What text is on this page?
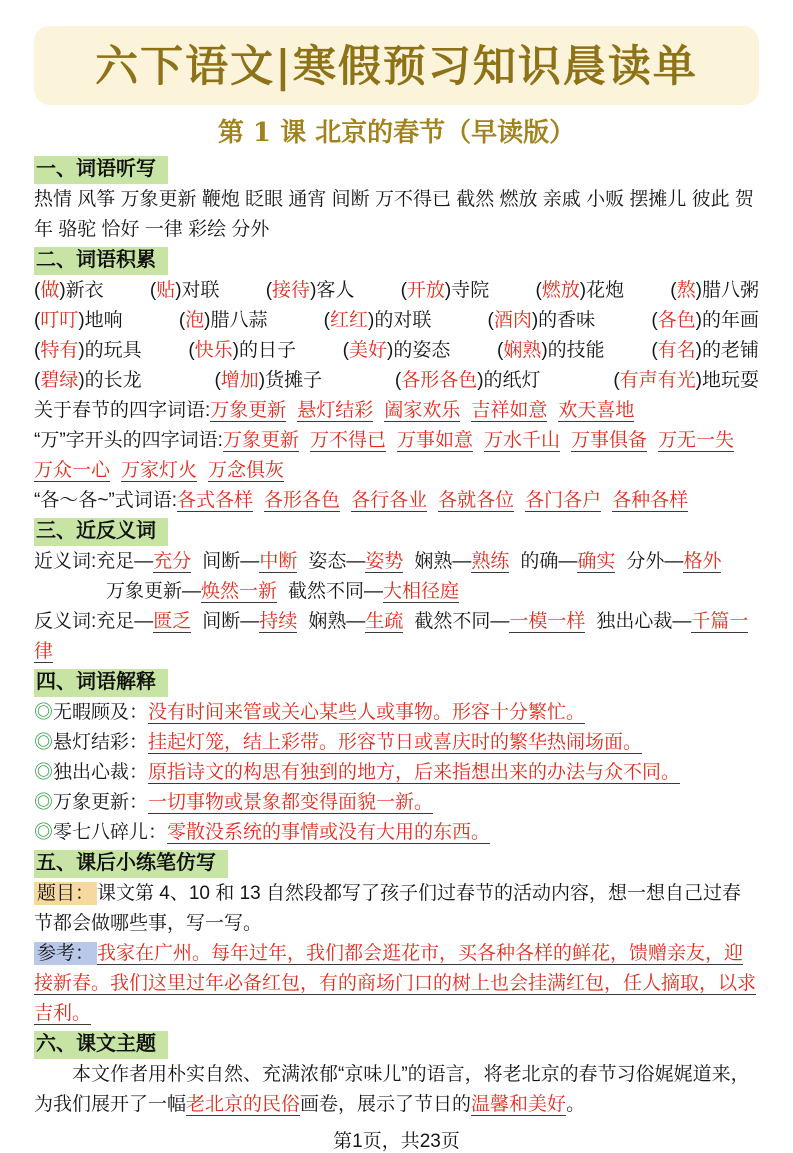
六下语文|寒假预习知识晨读单
第 1 课 北京的春节（早读版）
一、词语听写

热情 风筝 万象更新 鞭炮 眨眼 通宵 间断 万不得已 截然 燃放 亲戚 小贩 摆摊儿 彼此 贺年 骆驼 恰好 一律 彩绘 分外

二、词语积累
(做)新衣 (贴)对联 (接待)客人 (开放)寺院 (燃放)花炮 (熬)腊八粥
(叮叮)地响	(泡)腊八蒜	(红红)的对联	(酒肉)的香味	(各色)的年画
(特有)的玩具 (快乐)的日子 (美好)的姿态 (娴熟)的技能 (有名)的老铺
(碧绿)的长龙	(增加)货摊子	(各形各色)的纸灯	(有声有光)地玩耍

关于春节的四字词语:万象更新 悬灯结彩 阖家欢乐 吉祥如意 欢天喜地

“万”字开头的四字词语:万象更新 万不得已 万事如意 万水千山 万事俱备 万无一失万众一心 万家灯火 万念俱灰

“各～各~”式词语:各式各样 各形各色 各行各业 各就各位 各门各户 各种各样

三、近反义词

近义词:充足—充分 间断—中断 姿态—姿势 娴熟—熟练 的确—确实 分外—格外

万象更新—焕然一新 截然不同—大相径庭

反义词:充足—匮乏 间断—持续 娴熟—生疏 截然不同—一模一样 独出心裁—千篇一律

四、词语解释

◎无暇顾及：没有时间来管或关心某些人或事物。形容十分繁忙。

◎悬灯结彩：挂起灯笼，结上彩带。形容节日或喜庆时的繁华热闹场面。

◎独出心裁：原指诗文的构思有独到的地方，后来指想出来的办法与众不同。

◎万象更新：一切事物或景象都变得面貌一新。

◎零七八碎儿：零散没系统的事情或没有大用的东西。

五、课后小练笔仿写

题目： 课文第 4、10 和 13 自然段都写了孩子们过春节的活动内容，想一想自己过春节都会做哪些事，写一写。

参考： 我家在广州。每年过年，我们都会逛花市，买各种各样的鲜花，馈赠亲友，迎接新春。我们这里过年必备红包，有的商场门口的树上也会挂满红包，任人摘取，以求吉利。

六、课文主题

本文作者用朴实自然、充满浓郁“京味儿”的语言，将老北京的春节习俗娓娓道来，为我们展开了一幅老北京的民俗画卷，展示了节日的温馨和美好。

第1页，共23页
